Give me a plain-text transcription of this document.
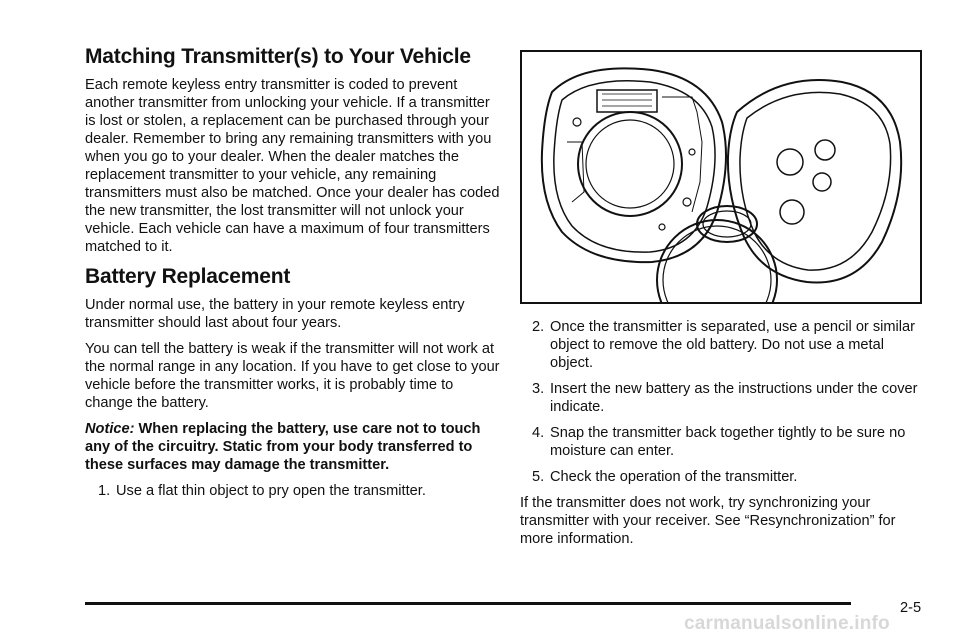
Matching Transmitter(s) to Your Vehicle

Each remote keyless entry transmitter is coded to prevent another transmitter from unlocking your vehicle. If a transmitter is lost or stolen, a replacement can be purchased through your dealer. Remember to bring any remaining transmitters with you when you go to your dealer. When the dealer matches the replacement transmitter to your vehicle, any remaining transmitters must also be matched. Once your dealer has coded the new transmitter, the lost transmitter will not unlock your vehicle. Each vehicle can have a maximum of four transmitters matched to it.

Battery Replacement

Under normal use, the battery in your remote keyless entry transmitter should last about four years.

You can tell the battery is weak if the transmitter will not work at the normal range in any location. If you have to get close to your vehicle before the transmitter works, it is probably time to change the battery.

Notice: When replacing the battery, use care not to touch any of the circuitry. Static from your body transferred to these surfaces may damage the transmitter.

1. Use a flat thin object to pry open the transmitter.
2. Once the transmitter is separated, use a pencil or similar object to remove the old battery. Do not use a metal object.
3. Insert the new battery as the instructions under the cover indicate.
4. Snap the transmitter back together tightly to be sure no moisture can enter.
5. Check the operation of the transmitter.

If the transmitter does not work, try synchronizing your transmitter with your receiver. See “Resynchronization” for more information.

2-5
carmanualsonline.info
